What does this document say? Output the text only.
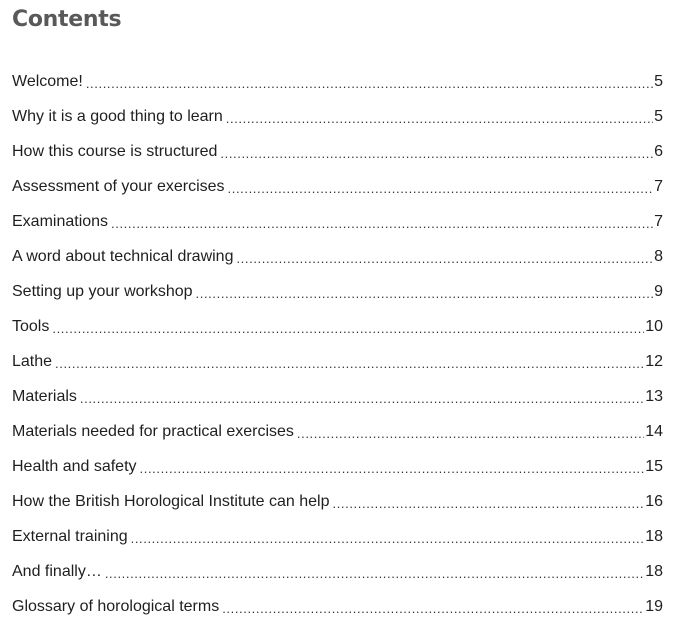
Contents
Welcome! .....	5
Why it is a good thing to learn .....	5
How this course is structured .....	6
Assessment of your exercises .....	7
Examinations .....	7
A word about technical drawing .....	8
Setting up your workshop .....	9
Tools .....	10
Lathe .....	12
Materials .....	13
Materials needed for practical exercises .....	14
Health and safety .....	15
How the British Horological Institute can help .....	16
External training .....	18
And finally… .....	18
Glossary of horological terms .....	19
